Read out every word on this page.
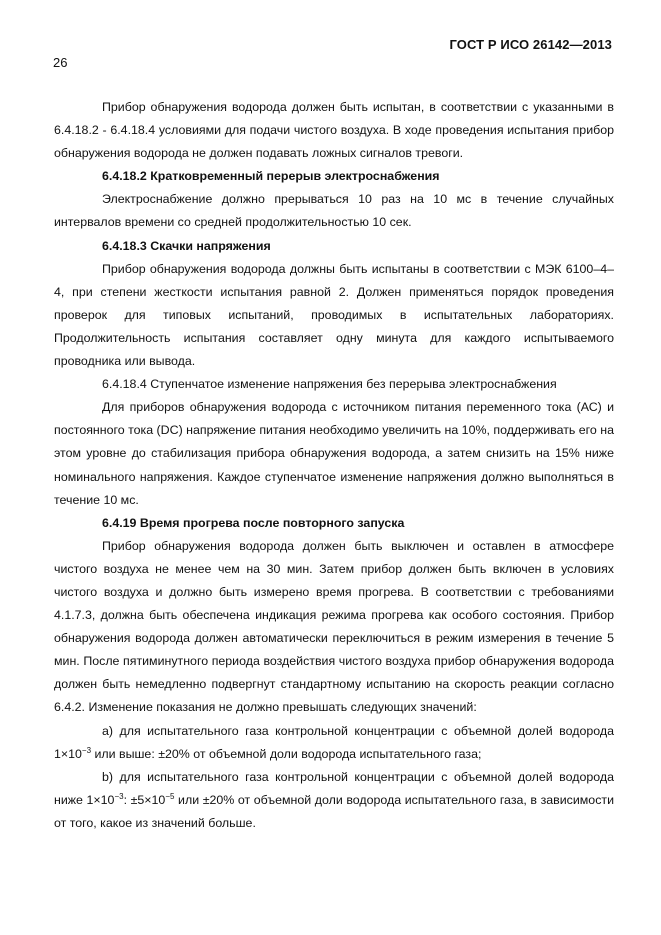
ГОСТ Р ИСО 26142—2013
26

Прибор обнаружения водорода должен быть испытан, в соответствии с указанными в 6.4.18.2 - 6.4.18.4 условиями для подачи чистого воздуха. В ходе проведения испытания прибор обнаружения водорода не должен подавать ложных сигналов тревоги.

6.4.18.2 Кратковременный перерыв электроснабжения

Электроснабжение должно прерываться 10 раз на 10 мс в течение случайных интервалов времени со средней продолжительностью 10 сек.

6.4.18.3 Скачки напряжения

Прибор обнаружения водорода должны быть испытаны в соответствии с МЭК 6100–4–4, при степени жесткости испытания равной 2. Должен применяться порядок проведения проверок для типовых испытаний, проводимых в испытательных лабораториях. Продолжительность испытания составляет одну минута для каждого испытываемого проводника или вывода.

6.4.18.4 Ступенчатое изменение напряжения без перерыва электроснабжения

Для приборов обнаружения водорода с источником питания переменного тока (АС) и постоянного тока (DC) напряжение питания необходимо увеличить на 10%, поддерживать его на этом уровне до стабилизация прибора обнаружения водорода, а затем снизить на 15% ниже номинального напряжения. Каждое ступенчатое изменение напряжения должно выполняться в течение 10 мс.

6.4.19 Время прогрева после повторного запуска

Прибор обнаружения водорода должен быть выключен и оставлен в атмосфере чистого воздуха не менее чем на 30 мин. Затем прибор должен быть включен в условиях чистого воздуха и должно быть измерено время прогрева. В соответствии с требованиями 4.1.7.3, должна быть обеспечена индикация режима прогрева как особого состояния. Прибор обнаружения водорода должен автоматически переключиться в режим измерения в течение 5 мин. После пятиминутного периода воздействия чистого воздуха прибор обнаружения водорода должен быть немедленно подвергнут стандартному испытанию на скорость реакции согласно 6.4.2. Изменение показания не должно превышать следующих значений:

а) для испытательного газа контрольной концентрации с объемной долей водорода $1\times 10^{-3}$ или выше: ±20% от объемной доли водорода испытательного газа;

b) для испытательного газа контрольной концентрации с объемной долей водорода ниже $1\times 10^{-3}$: $\pm 5\times 10^{-5}$ или ±20% от объемной доли водорода испытательного газа, в зависимости от того, какое из значений больше.
